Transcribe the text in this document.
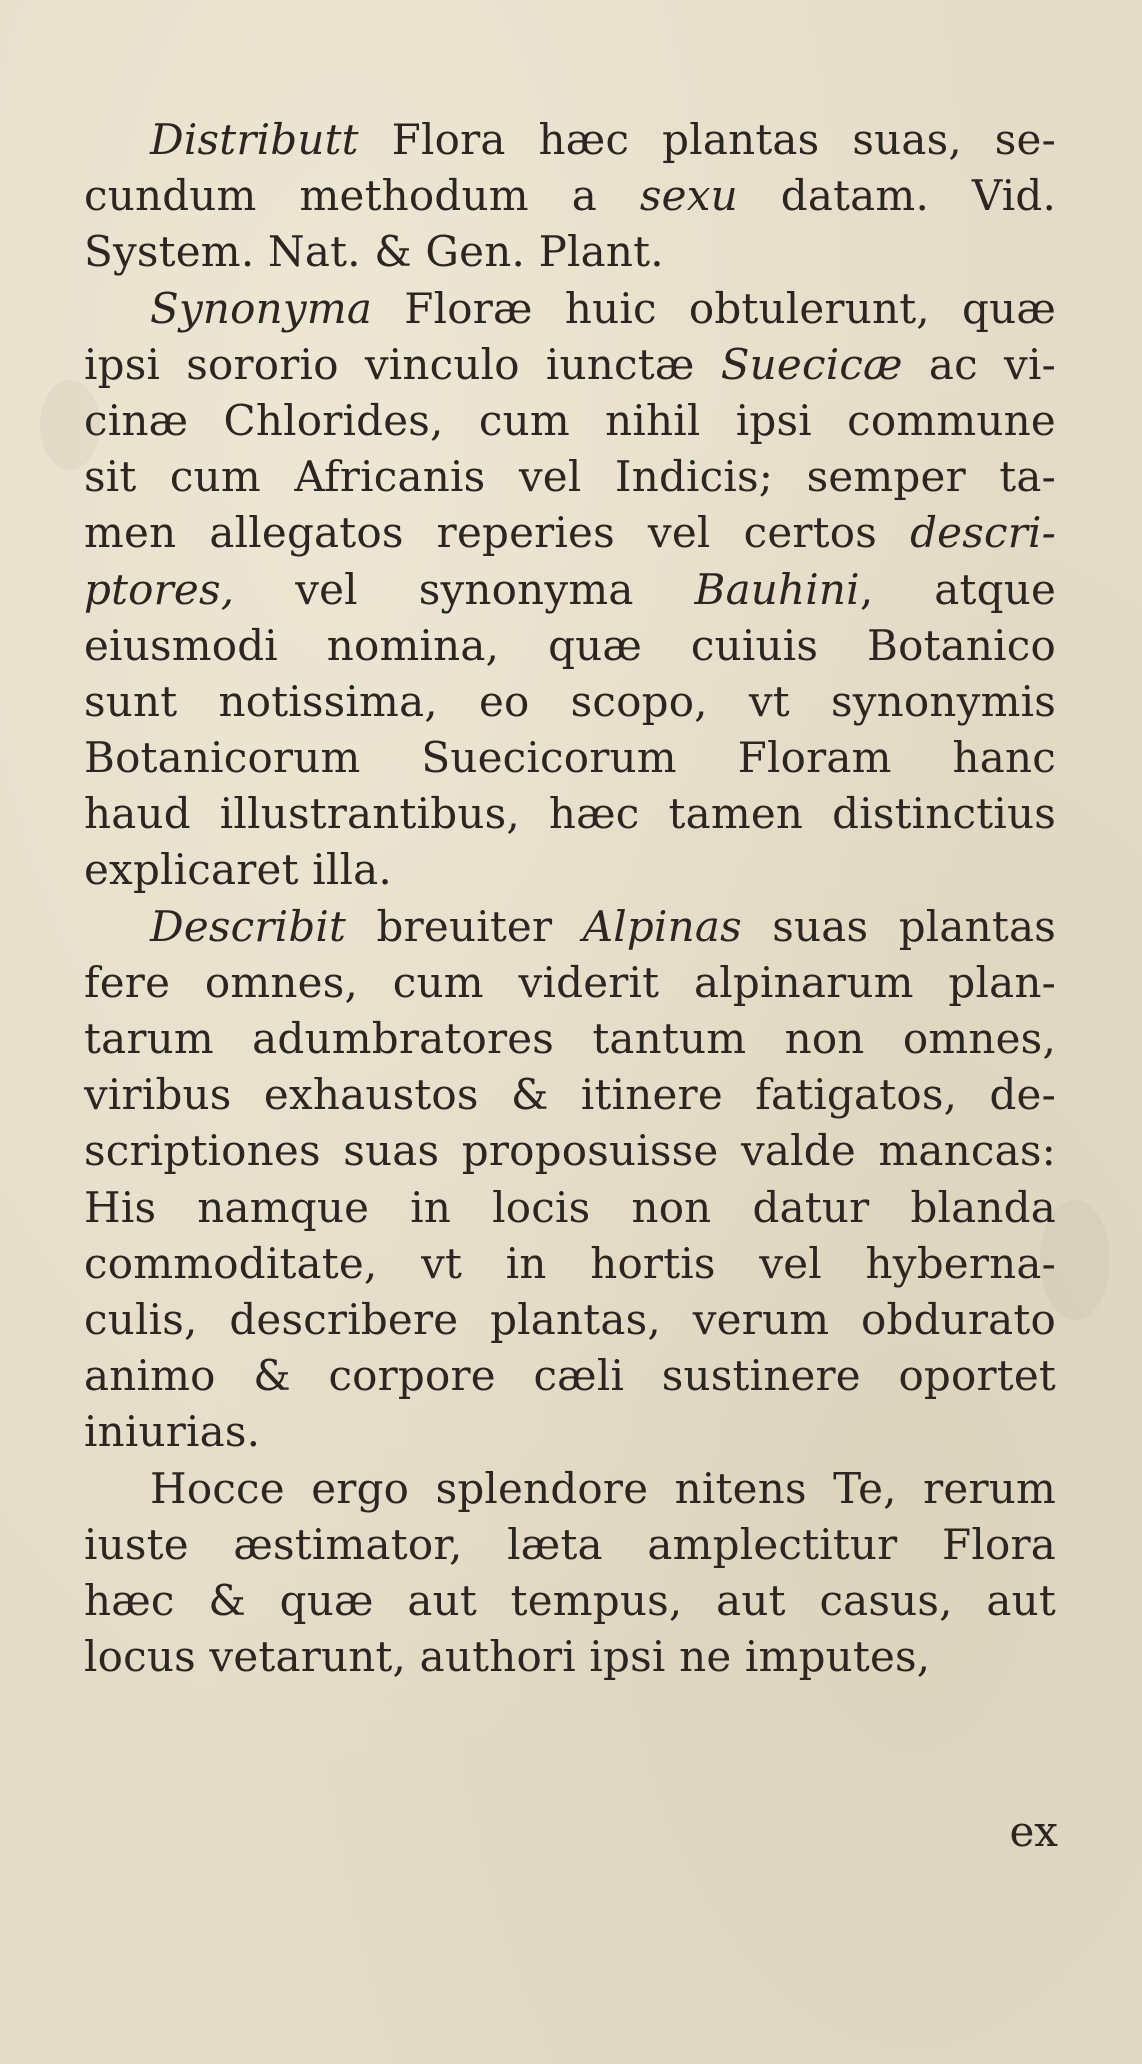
Distributt Flora hæc plantas suas, se-
cundum methodum a sexu datam. Vid.
System. Nat. & Gen. Plant.
Synonyma Floræ huic obtulerunt, quæ
ipsi sororio vinculo iunctæ Suecicæ ac vi-
cinæ Chlorides, cum nihil ipsi commune
sit cum Africanis vel Indicis; semper ta-
men allegatos reperies vel certos descri-
ptores, vel synonyma Bauhini, atque
eiusmodi nomina, quæ cuiuis Botanico
sunt notissima, eo scopo, vt synonymis
Botanicorum Suecicorum Floram hanc
haud illustrantibus, hæc tamen distinctius
explicaret illa.
Describit breuiter Alpinas suas plantas
fere omnes, cum viderit alpinarum plan-
tarum adumbratores tantum non omnes,
viribus exhaustos & itinere fatigatos, de-
scriptiones suas proposuisse valde mancas:
His namque in locis non datur blanda
commoditate, vt in hortis vel hyberna-
culis, describere plantas, verum obdurato
animo & corpore cæli sustinere oportet
iniurias.
Hocce ergo splendore nitens Te, rerum
iuste æstimator, læta amplectitur Flora
hæc & quæ aut tempus, aut casus, aut
locus vetarunt, authori ipsi ne imputes,
ex
